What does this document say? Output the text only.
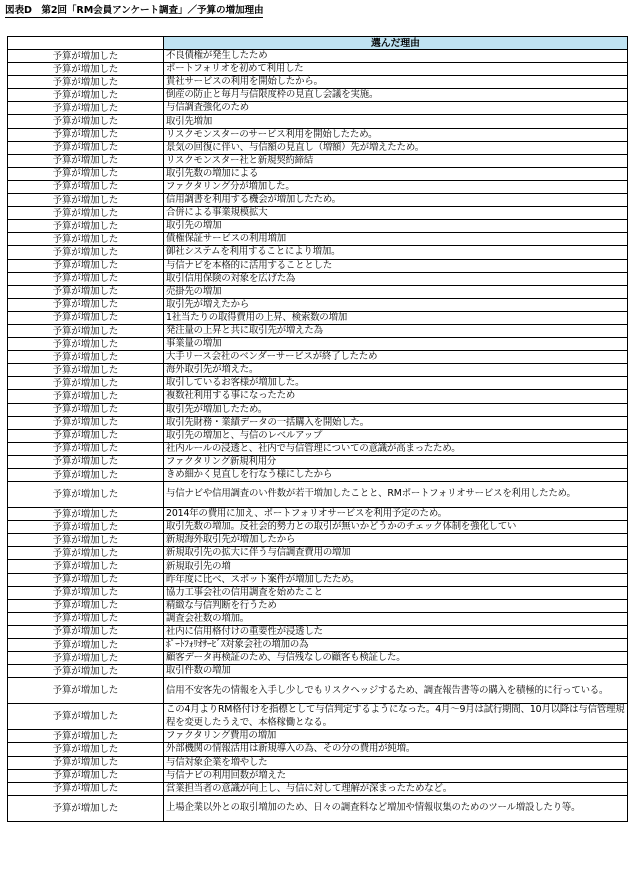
図表D　第2回「RM会員アンケート調査」／予算の増加理由
	選んだ理由
予算が増加した	不良債権が発生したため
予算が増加した	ポートフォリオを初めて利用した
予算が増加した	貴社サービスの利用を開始したから。
予算が増加した	倒産の防止と毎月与信限度枠の見直し会議を実施。
予算が増加した	与信調査強化のため
予算が増加した	取引先増加
予算が増加した	リスクモンスターのサービス利用を開始したため。
予算が増加した	景気の回復に伴い、与信額の見直し（増額）先が増えたため。
予算が増加した	リスクモンスター社と新規契約締結
予算が増加した	取引先数の増加による
予算が増加した	ファクタリング分が増加した。
予算が増加した	信用調書を利用する機会が増加したため。
予算が増加した	合併による事業規模拡大
予算が増加した	取引先の増加
予算が増加した	債権保証サービスの利用増加
予算が増加した	御社システムを利用することにより増加。
予算が増加した	与信ナビを本格的に活用することとした
予算が増加した	取引信用保険の対象を広げた為
予算が増加した	売掛先の増加
予算が増加した	取引先が増えたから
予算が増加した	1社当たりの取得費用の上昇、検索数の増加
予算が増加した	発注量の上昇と共に取引先が増えた為
予算が増加した	事業量の増加
予算が増加した	大手リース会社のベンダーサービスが終了したため
予算が増加した	海外取引先が増えた。
予算が増加した	取引しているお客様が増加した。
予算が増加した	複数社利用する事になったため
予算が増加した	取引先が増加したため。
予算が増加した	取引先財務・業績データの一括購入を開始した。
予算が増加した	取引先の増加と、与信のレベルアップ
予算が増加した	社内ルールの浸透と、社内で与信管理についての意識が高まったため。
予算が増加した	ファクタリング新規利用分
予算が増加した	きめ細かく見直しを行なう様にしたから
予算が増加した	与信ナビや信用調査のい件数が若干増加したことと、RMポートフォリオサービスを利用したため。
予算が増加した	2014年の費用に加え、ポートフォリオサービスを利用予定のため。
予算が増加した	取引先数の増加。反社会的勢力との取引が無いかどうかのチェック体制を強化してい
予算が増加した	新規海外取引先が増加したから
予算が増加した	新規取引先の拡大に伴う与信調査費用の増加
予算が増加した	新規取引先の増
予算が増加した	昨年度に比べ、スポット案件が増加したため。
予算が増加した	協力工事会社の信用調査を始めたこと
予算が増加した	精緻な与信判断を行うため
予算が増加した	調査会社数の増加。
予算が増加した	社内に信用格付けの重要性が浸透した
予算が増加した	ﾎﾟｰﾄﾌｫﾘｵｻｰﾋﾞｽ対象会社の増加の為
予算が増加した	顧客データ再検証のため、与信残なしの顧客も検証した。
予算が増加した	取引件数の増加
予算が増加した	信用不安客先の情報を入手し少しでもリスクヘッジするため、調査報告書等の購入を積極的に行っている。
予算が増加した	この4月よりRM格付けを指標として与信判定するようになった。4月～9月は試行期間、10月以降は与信管理規程を変更したうえで、本格稼働となる。
予算が増加した	ファクタリング費用の増加
予算が増加した	外部機関の情報活用は新規導入の為、その分の費用が純増。
予算が増加した	与信対象企業を増やした
予算が増加した	与信ナビの利用回数が増えた
予算が増加した	営業担当者の意識が向上し、与信に対して理解が深まったためなど。
予算が増加した	上場企業以外との取引増加のため、日々の調査料など増加や情報収集のためのツール増設したり等。
